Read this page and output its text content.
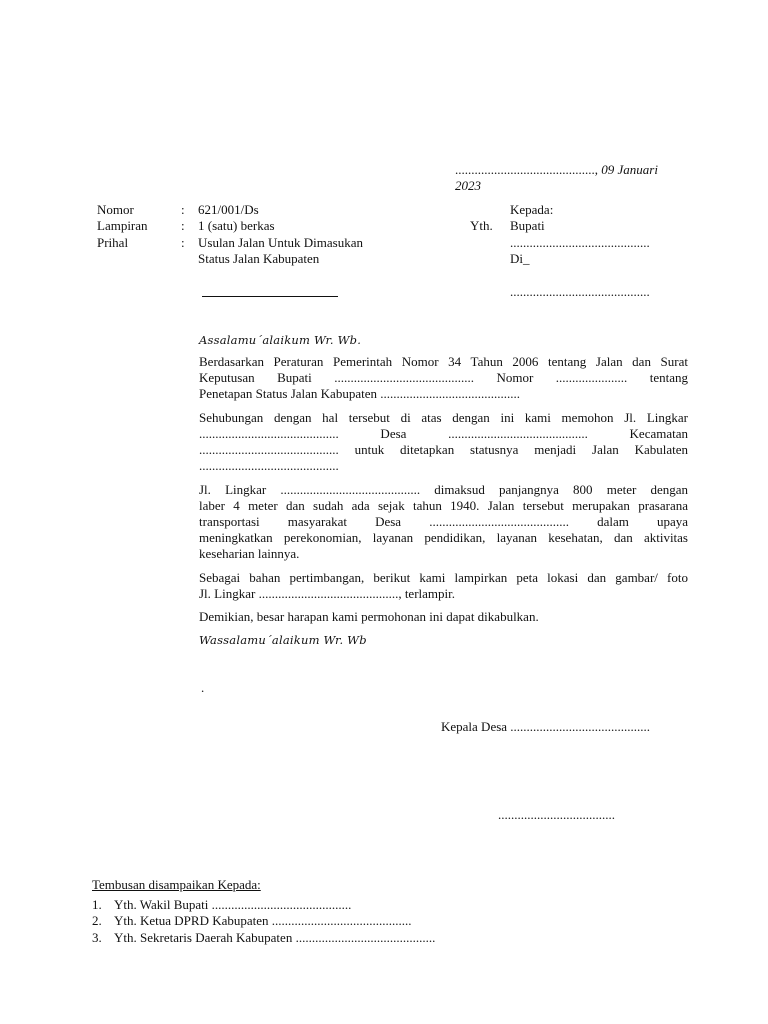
..........................................., 09 Januari
2023
Nomor	: 621/001/Ds
Lampiran	: 1 (satu) berkas
Prihal	: Usulan Jalan Untuk Dimasukan
Status Jalan Kabupaten
Kepada:
Yth. Bupati
...........................................
Di_
...........................................
Assalamu´alaikum Wr. Wb.
Berdasarkan Peraturan Pemerintah Nomor 34 Tahun 2006 tentang Jalan dan Surat
Keputusan Bupati ........................................... Nomor ...................... tentang
Penetapan Status Jalan Kabupaten ...........................................
Sehubungan dengan hal tersebut di atas dengan ini kami memohon Jl. Lingkar
........................................... Desa ........................................... Kecamatan
........................................... untuk ditetapkan statusnya menjadi Jalan Kabulaten
...........................................
Jl. Lingkar ........................................... dimaksud panjangnya 800 meter dengan
laber 4 meter dan sudah ada sejak tahun 1940. Jalan tersebut merupakan prasarana
transportasi masyarakat Desa ........................................... dalam upaya
meningkatkan perekonomian, layanan pendidikan, layanan kesehatan, dan aktivitas
keseharian lainnya.
Sebagai bahan pertimbangan, berikut kami lampirkan peta lokasi dan gambar/ foto
Jl. Lingkar ..........................................., terlampir.
Demikian, besar harapan kami permohonan ini dapat dikabulkan.
Wassalamu´alaikum Wr. Wb
.
Kepala Desa ...........................................
....................................
Tembusan disampaikan Kepada:
1. Yth. Wakil Bupati ...........................................
2. Yth. Ketua DPRD Kabupaten ...........................................
3. Yth. Sekretaris Daerah Kabupaten ...........................................
